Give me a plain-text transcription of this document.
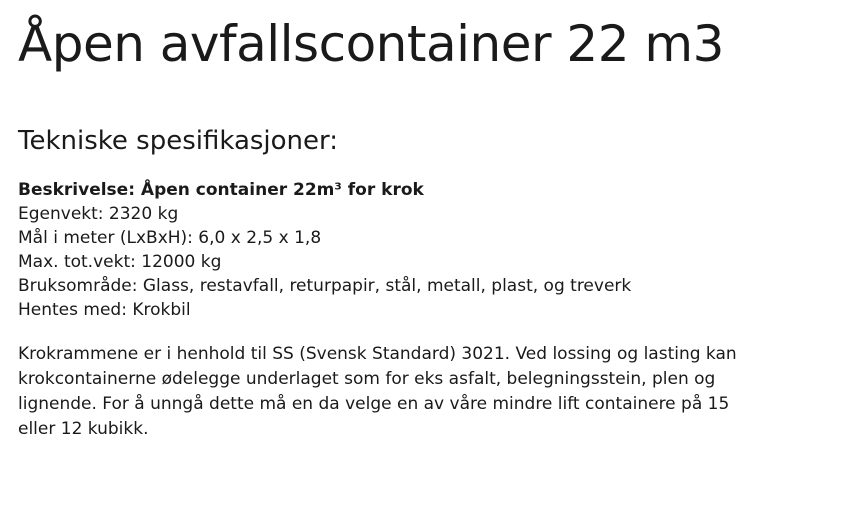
Åpen avfallscontainer 22 m3
Tekniske spesifikasjoner:
Beskrivelse: Åpen container 22m³ for krok
Egenvekt: 2320 kg
Mål i meter (LxBxH): 6,0 x 2,5 x 1,8
Max. tot.vekt: 12000 kg
Bruksområde: Glass, restavfall, returpapir, stål, metall, plast, og treverk
Hentes med: Krokbil
Krokrammene er i henhold til SS (Svensk Standard) 3021. Ved lossing og lasting kan
krokcontainerne ødelegge underlaget som for eks asfalt, belegningsstein, plen og
lignende. For å unngå dette må en da velge en av våre mindre lift containere på 15
eller 12 kubikk.
